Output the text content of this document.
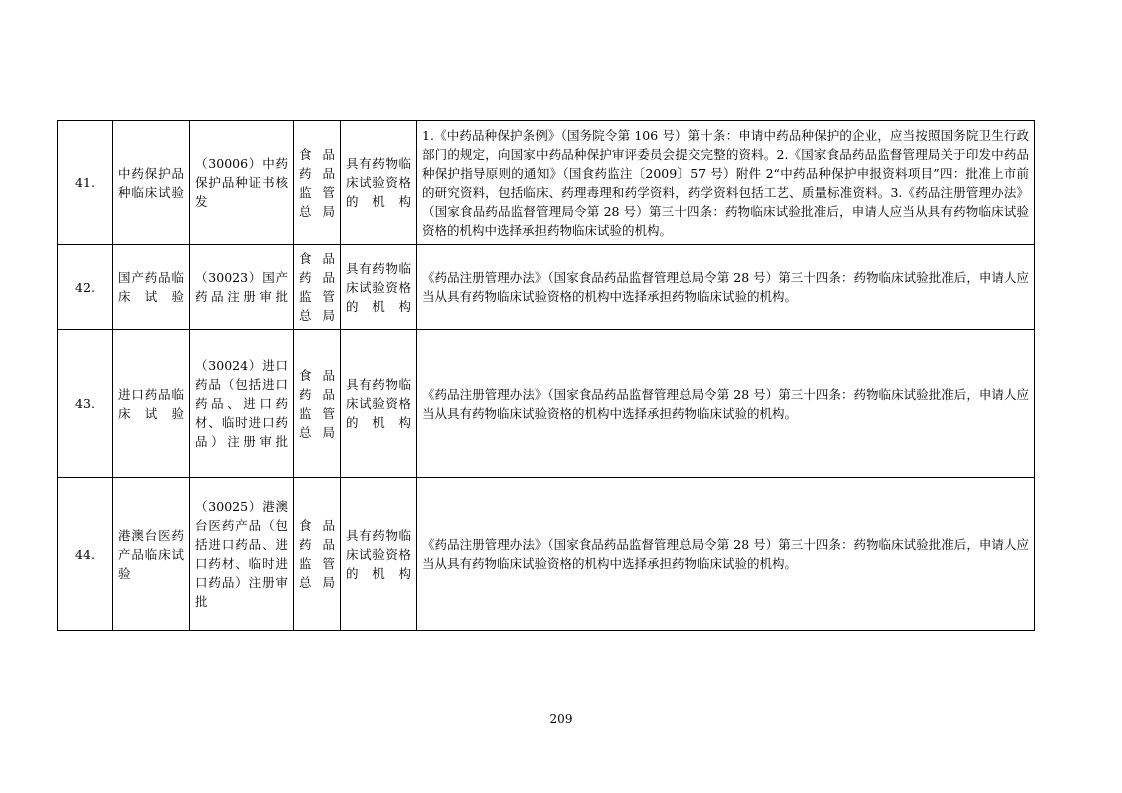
41.	中药保护品种临床试验	（30006）中药保护品种证书核发	食品药品监管总局	具有药物临床试验资格的机构	1.《中药品种保护条例》（国务院令第 106 号）第十条：申请中药品种保护的企业，应当按照国务院卫生行政部门的规定，向国家中药品种保护审评委员会提交完整的资料。2.《国家食品药品监督管理局关于印发中药品种保护指导原则的通知》（国食药监注〔2009〕57 号）附件 2“中药品种保护申报资料项目”四：批准上市前的研究资料，包括临床、药理毒理和药学资料，药学资料包括工艺、质量标准资料。3.《药品注册管理办法》（国家食品药品监督管理局令第 28 号）第三十四条：药物临床试验批准后，申请人应当从具有药物临床试验资格的机构中选择承担药物临床试验的机构。
42.	国产药品临床试验	（30023）国产药品注册审批	食品药品监管总局	具有药物临床试验资格的机构	《药品注册管理办法》（国家食品药品监督管理总局令第 28 号）第三十四条：药物临床试验批准后，申请人应当从具有药物临床试验资格的机构中选择承担药物临床试验的机构。
43.	进口药品临床试验	（30024）进口药品（包括进口药品、进口药材、临时进口药品）注册审批	食品药品监管总局	具有药物临床试验资格的机构	《药品注册管理办法》（国家食品药品监督管理总局令第 28 号）第三十四条：药物临床试验批准后，申请人应当从具有药物临床试验资格的机构中选择承担药物临床试验的机构。
44.	港澳台医药产品临床试验	（30025）港澳台医药产品（包括进口药品、进口药材、临时进口药品）注册审批	食品药品监管总局	具有药物临床试验资格的机构	《药品注册管理办法》（国家食品药品监督管理总局令第 28 号）第三十四条：药物临床试验批准后，申请人应当从具有药物临床试验资格的机构中选择承担药物临床试验的机构。
209
